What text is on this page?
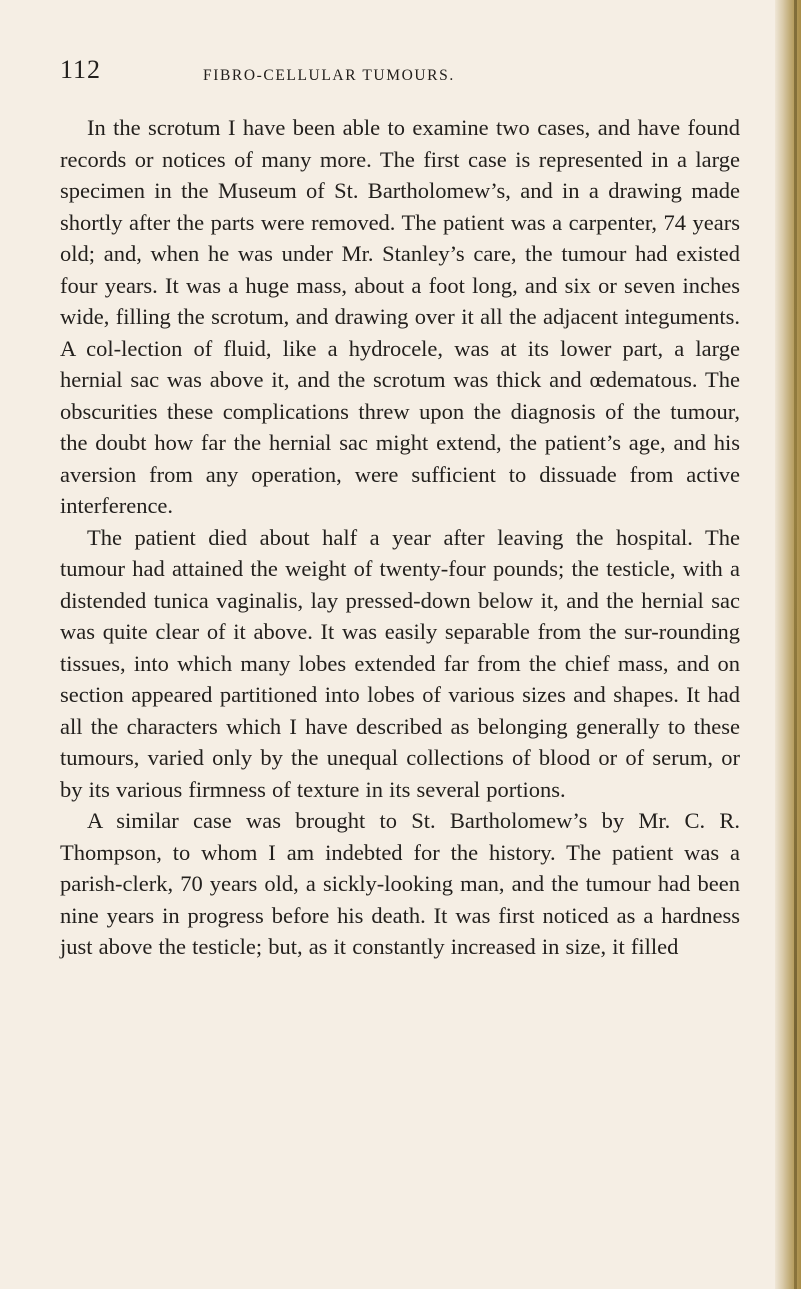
112	FIBRO-CELLULAR TUMOURS.

In the scrotum I have been able to examine two cases, and have found records or notices of many more. The first case is represented in a large specimen in the Museum of St. Bartholomew’s, and in a drawing made shortly after the parts were removed. The patient was a carpenter, 74 years old; and, when he was under Mr. Stanley’s care, the tumour had existed four years. It was a huge mass, about a foot long, and six or seven inches wide, filling the scrotum, and drawing over it all the adjacent integuments. A col-lection of fluid, like a hydrocele, was at its lower part, a large hernial sac was above it, and the scrotum was thick and œdematous. The obscurities these complications threw upon the diagnosis of the tumour, the doubt how far the hernial sac might extend, the patient’s age, and his aversion from any operation, were sufficient to dissuade from active interference.

The patient died about half a year after leaving the hospital. The tumour had attained the weight of twenty-four pounds; the testicle, with a distended tunica vaginalis, lay pressed-down below it, and the hernial sac was quite clear of it above. It was easily separable from the sur-rounding tissues, into which many lobes extended far from the chief mass, and on section appeared partitioned into lobes of various sizes and shapes. It had all the characters which I have described as belonging generally to these tumours, varied only by the unequal collections of blood or of serum, or by its various firmness of texture in its several portions.

A similar case was brought to St. Bartholomew’s by Mr. C. R. Thompson, to whom I am indebted for the history. The patient was a parish-clerk, 70 years old, a sickly-looking man, and the tumour had been nine years in progress before his death. It was first noticed as a hardness just above the testicle; but, as it constantly increased in size, it filled
